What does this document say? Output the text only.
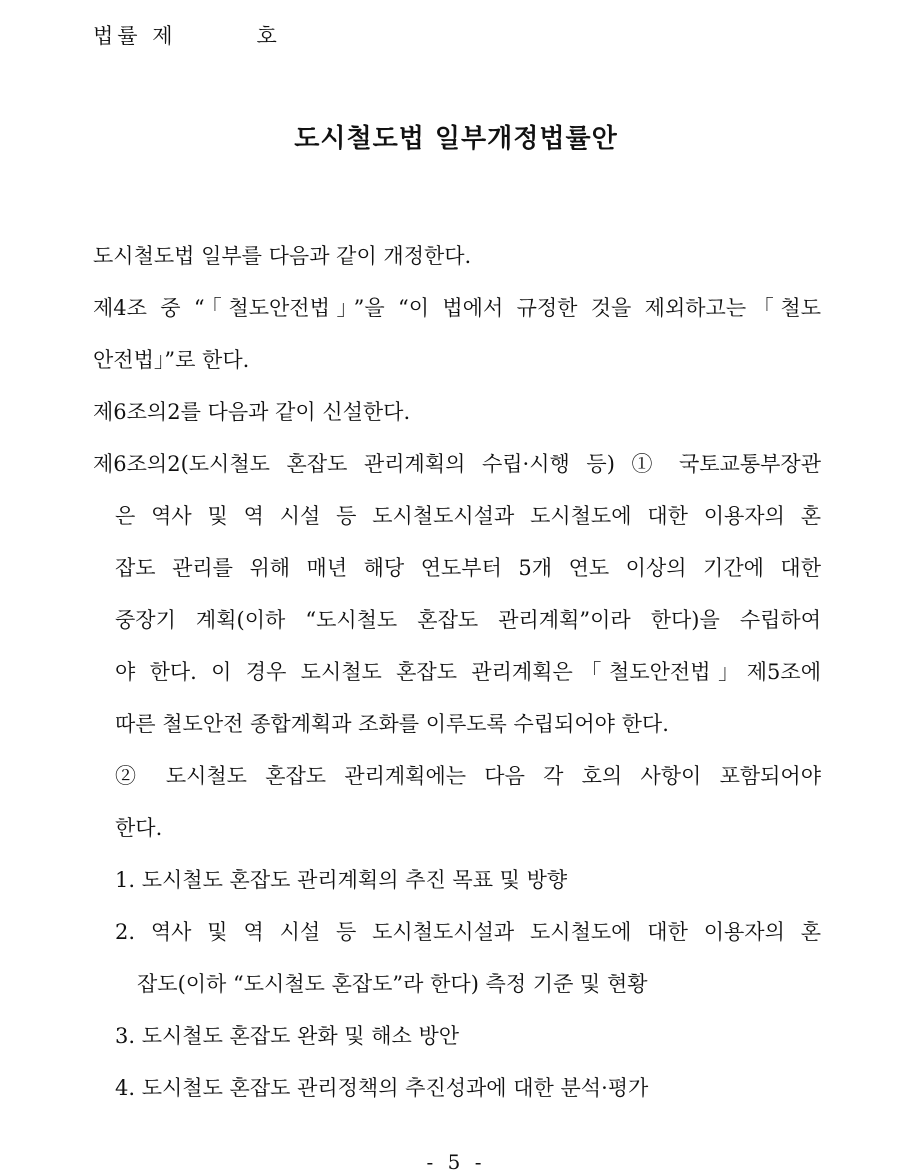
법률 제	호
도시철도법 일부개정법률안
도시철도법 일부를 다음과 같이 개정한다.
제4조 중 “「철도안전법」”을 “이 법에서 규정한 것을 제외하고는「철도
안전법」”로 한다.
제6조의2를 다음과 같이 신설한다.
제6조의2(도시철도 혼잡도 관리계획의 수립·시행 등) ① 국토교통부장관
은 역사 및 역 시설 등 도시철도시설과 도시철도에 대한 이용자의 혼
잡도 관리를 위해 매년 해당 연도부터 5개 연도 이상의 기간에 대한
중장기 계획(이하 “도시철도 혼잡도 관리계획”이라 한다)을 수립하여
야 한다. 이 경우 도시철도 혼잡도 관리계획은「철도안전법」제5조에
따른 철도안전 종합계획과 조화를 이루도록 수립되어야 한다.
② 도시철도 혼잡도 관리계획에는 다음 각 호의 사항이 포함되어야
한다.
1. 도시철도 혼잡도 관리계획의 추진 목표 및 방향
2. 역사 및 역 시설 등 도시철도시설과 도시철도에 대한 이용자의 혼
잡도(이하 “도시철도 혼잡도”라 한다) 측정 기준 및 현황
3. 도시철도 혼잡도 완화 및 해소 방안
4. 도시철도 혼잡도 관리정책의 추진성과에 대한 분석·평가
- 5 -
